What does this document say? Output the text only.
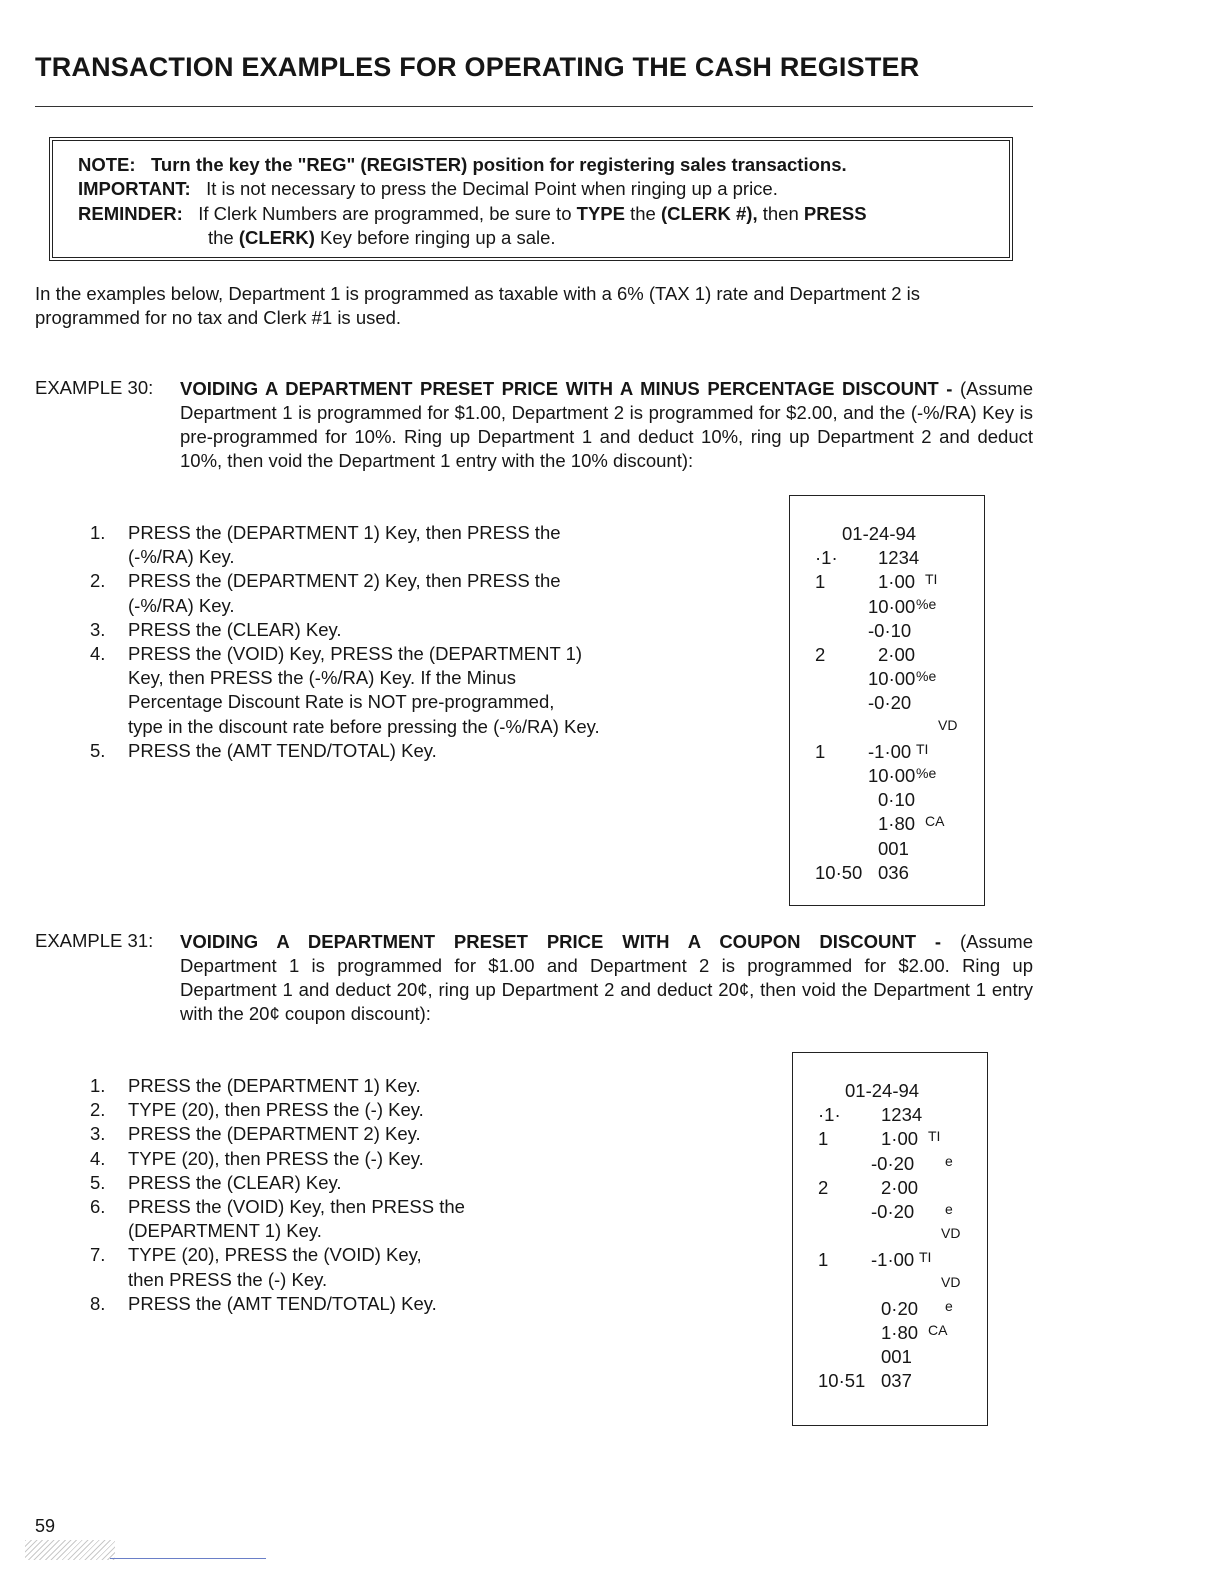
TRANSACTION EXAMPLES FOR OPERATING THE CASH REGISTER
NOTE: Turn the key the "REG" (REGISTER) position for registering sales transactions.
IMPORTANT: It is not necessary to press the Decimal Point when ringing up a price.
REMINDER: If Clerk Numbers are programmed, be sure to TYPE the (CLERK #), then PRESS
the (CLERK) Key before ringing up a sale.
In the examples below, Department 1 is programmed as taxable with a 6% (TAX 1) rate and Department 2 is
programmed for no tax and Clerk #1 is used.
EXAMPLE 30: VOIDING A DEPARTMENT PRESET PRICE WITH A MINUS PERCENTAGE DISCOUNT - (Assume Department 1 is programmed for $1.00, Department 2 is programmed for $2.00, and the (-%/RA) Key is pre-programmed for 10%. Ring up Department 1 and deduct 10%, ring up Department 2 and deduct 10%, then void the Department 1 entry with the 10% discount):
1. PRESS the (DEPARTMENT 1) Key, then PRESS the
(-%/RA) Key.
2. PRESS the (DEPARTMENT 2) Key, then PRESS the
(-%/RA) Key.
3. PRESS the (CLEAR) Key.
4. PRESS the (VOID) Key, PRESS the (DEPARTMENT 1)
Key, then PRESS the (-%/RA) Key. If the Minus
Percentage Discount Rate is NOT pre-programmed,
type in the discount rate before pressing the (-%/RA) Key.
5. PRESS the (AMT TEND/TOTAL) Key.
01-24-94
·1· 1234
1	1·00 TI
10·00 %e
-0·10
2	2·00
10·00 %e
-0·20
VD
1 -1·00 TI
10·00 %e
0·10
1·80 CA
001
10·50 036
EXAMPLE 31: VOIDING A DEPARTMENT PRESET PRICE WITH A COUPON DISCOUNT - (Assume
Department 1 is programmed for $1.00 and Department 2 is programmed for $2.00. Ring up Department 1 and deduct 20¢, ring up Department 2 and deduct 20¢, then void the Department 1 entry with the 20¢ coupon discount):
1. PRESS the (DEPARTMENT 1) Key.
2. TYPE (20), then PRESS the (-) Key.
3. PRESS the (DEPARTMENT 2) Key.
4. TYPE (20), then PRESS the (-) Key.
5. PRESS the (CLEAR) Key.
6. PRESS the (VOID) Key, then PRESS the
(DEPARTMENT 1) Key.
7. TYPE (20), PRESS the (VOID) Key,
then PRESS the (-) Key.
8. PRESS the (AMT TEND/TOTAL) Key.
01-24-94
·1· 1234
1	1·00 TI
-0·20 e
2	2·00
-0·20 e
VD
1 -1·00 TI
VD
0·20 e
1·80 CA
001
10·51 037
59
